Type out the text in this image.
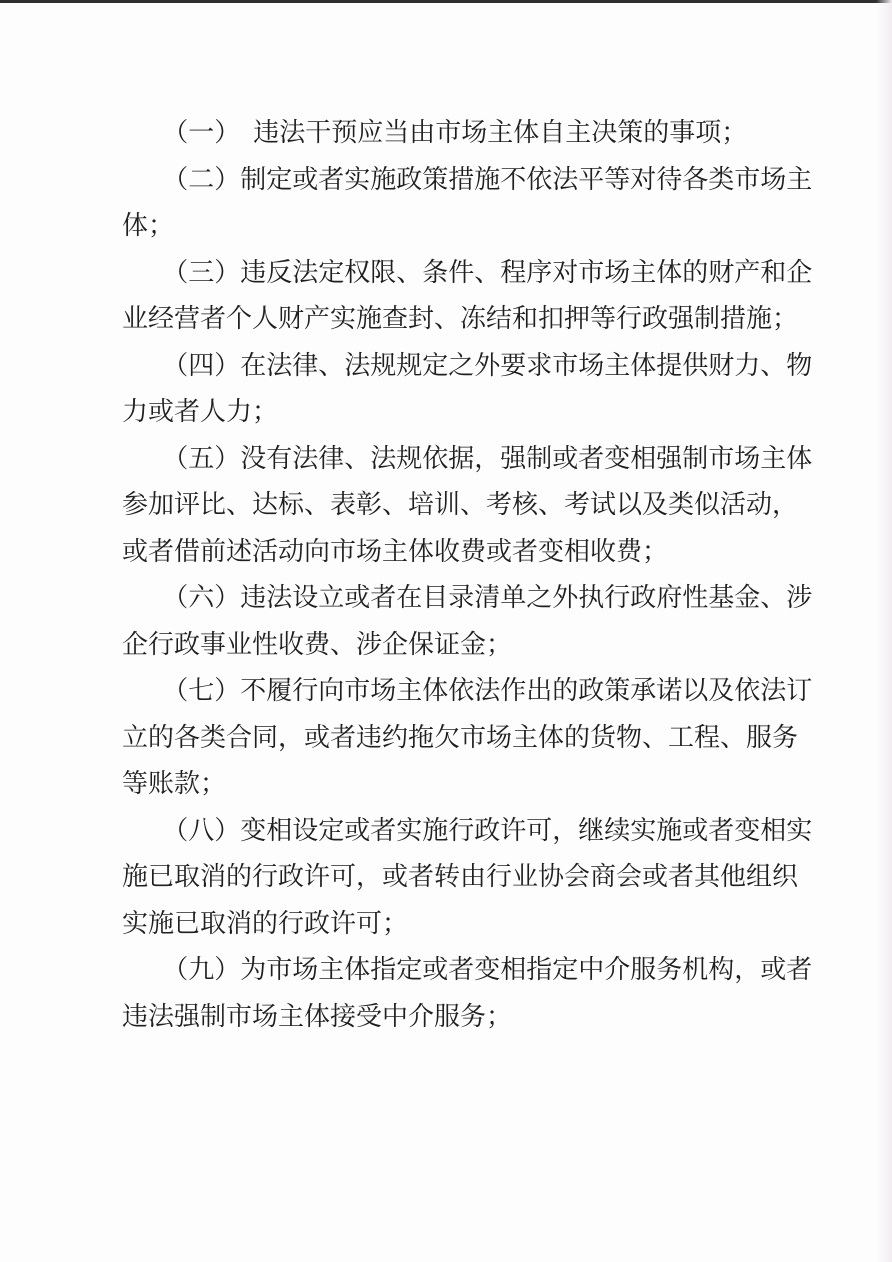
（一）　违法干预应当由市场主体自主决策的事项；

（二）制定或者实施政策措施不依法平等对待各类市场主
体；

（三）违反法定权限、条件、程序对市场主体的财产和企
业经营者个人财产实施查封、冻结和扣押等行政强制措施；

（四）在法律、法规规定之外要求市场主体提供财力、物
力或者人力；

（五）没有法律、法规依据，强制或者变相强制市场主体
参加评比、达标、表彰、培训、考核、考试以及类似活动，
或者借前述活动向市场主体收费或者变相收费；

（六）违法设立或者在目录清单之外执行政府性基金、涉
企行政事业性收费、涉企保证金；

（七）不履行向市场主体依法作出的政策承诺以及依法订
立的各类合同，或者违约拖欠市场主体的货物、工程、服务
等账款；

（八）变相设定或者实施行政许可，继续实施或者变相实
施已取消的行政许可，或者转由行业协会商会或者其他组织
实施已取消的行政许可；

（九）为市场主体指定或者变相指定中介服务机构，或者
违法强制市场主体接受中介服务；
